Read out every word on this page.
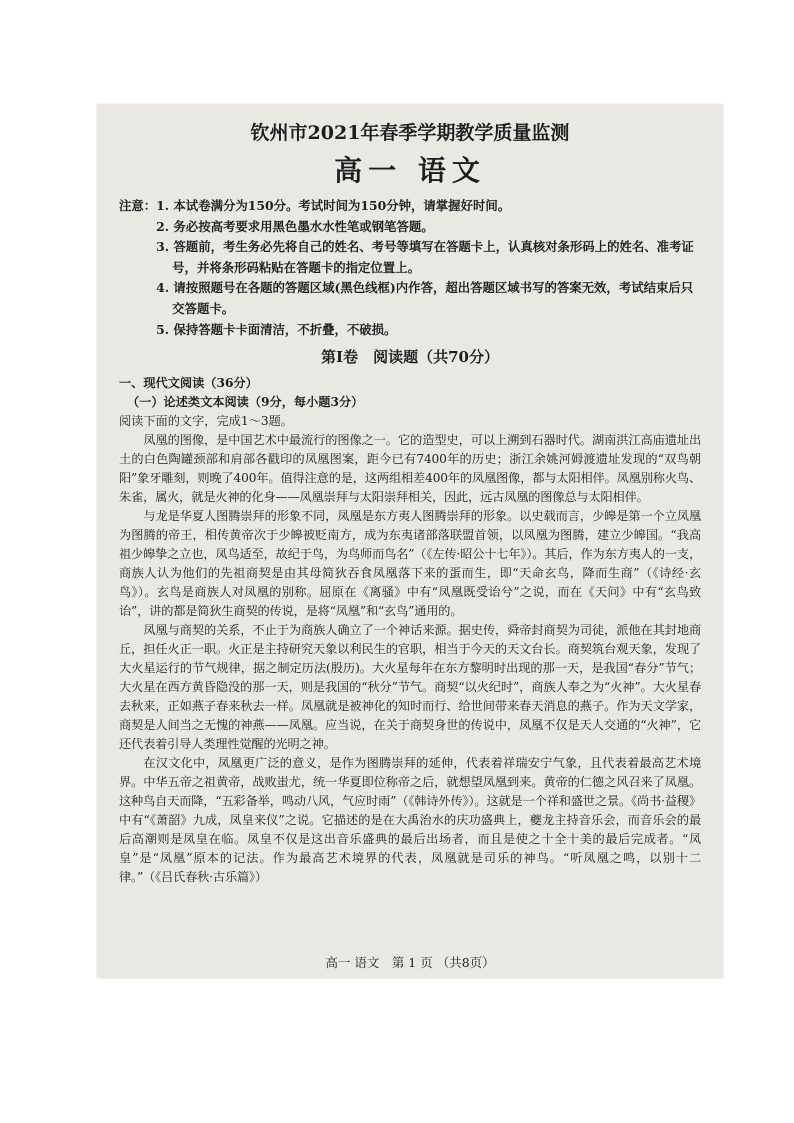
钦州市2021年春季学期教学质量监测
高一 语文
注意： 1. 本试卷满分为150分。考试时间为150分钟，请掌握好时间。
2. 务必按高考要求用黑色墨水水性笔或钢笔答题。
3. 答题前，考生务必先将自己的姓名、考号等填写在答题卡上，认真核对条形码上的姓名、准考证号，并将条形码粘贴在答题卡的指定位置上。
4. 请按照题号在各题的答题区域(黑色线框)内作答，超出答题区域书写的答案无效，考试结束后只交答题卡。
5. 保持答题卡卡面清洁，不折叠，不破损。
第Ⅰ卷　阅读题（共70分）
一、现代文阅读（36分）
（一）论述类文本阅读（9分，每小题3分）
阅读下面的文字，完成1～3题。

凤凰的图像，是中国艺术中最流行的图像之一。它的造型史，可以上溯到石器时代。湖南洪江高庙遗址出土的白色陶罐颈部和肩部各戳印的凤凰图案，距今已有7400年的历史；浙江余姚河姆渡遗址发现的“双鸟朝阳”象牙雕刻，则晚了400年。值得注意的是，这两组相差400年的凤凰图像，都与太阳相伴。凤凰别称火鸟、朱雀，属火，就是火神的化身——凤凰崇拜与太阳崇拜相关，因此，远古凤凰的图像总与太阳相伴。

与龙是华夏人图腾崇拜的形象不同，凤凰是东方夷人图腾崇拜的形象。以史载而言，少皞是第一个立凤凰为图腾的帝王，相传黄帝次于少皞被贬南方，成为东夷诸部落联盟首领，以凤凰为图腾，建立少皞国。“我高祖少皞挚之立也，凤鸟适至，故纪于鸟，为鸟师而鸟名”（《左传·昭公十七年》）。其后，作为东方夷人的一支，商族人认为他们的先祖商契是由其母简狄吞食凤凰落下来的蛋而生，即“天命玄鸟，降而生商”（《诗经·玄鸟》）。玄鸟是商族人对凤凰的别称。屈原在《离骚》中有“凤凰既受诒兮”之说，而在《天问》中有“玄鸟致诒”，讲的都是简狄生商契的传说，是将“凤凰”和“玄鸟”通用的。

凤凰与商契的关系，不止于为商族人确立了一个神话来源。据史传，舜帝封商契为司徒，派他在其封地商丘，担任火正一职。火正是主持研究天象以利民生的官职，相当于今天的天文台长。商契筑台观天象，发现了大火星运行的节气规律，据之制定历法(殷历)。大火星每年在东方黎明时出现的那一天，是我国“春分”节气；大火星在西方黄昏隐没的那一天，则是我国的“秋分”节气。商契“以火纪时”，商族人奉之为“火神”。大火星春去秋来，正如燕子春来秋去一样。凤凰就是被神化的知时而行、给世间带来春天消息的燕子。作为天文学家，商契是人间当之无愧的神燕——凤凰。应当说，在关于商契身世的传说中，凤凰不仅是天人交通的“火神”，它还代表着引导人类理性觉醒的光明之神。

在汉文化中，凤凰更广泛的意义，是作为图腾崇拜的延伸，代表着祥瑞安宁气象，且代表着最高艺术境界。中华五帝之祖黄帝，战败蚩尤，统一华夏即位称帝之后，就想望凤凰到来。黄帝的仁德之风召来了凤凰。这种鸟自天而降，“五彩备举，鸣动八风，气应时雨”（《韩诗外传》）。这就是一个祥和盛世之景。《尚书·益稷》中有“《萧韶》九成，凤皇来仪”之说。它描述的是在大禹治水的庆功盛典上，夔龙主持音乐会，而音乐会的最后高潮则是凤皇在临。凤皇不仅是这出音乐盛典的最后出场者，而且是使之十全十美的最后完成者。“凤皇”是“凤凰”原本的记法。作为最高艺术境界的代表，凤凰就是司乐的神鸟。“听凤凰之鸣，以别十二律。”（《吕氏春秋·古乐篇》）

高一 语文　第 1 页 （共8页）
